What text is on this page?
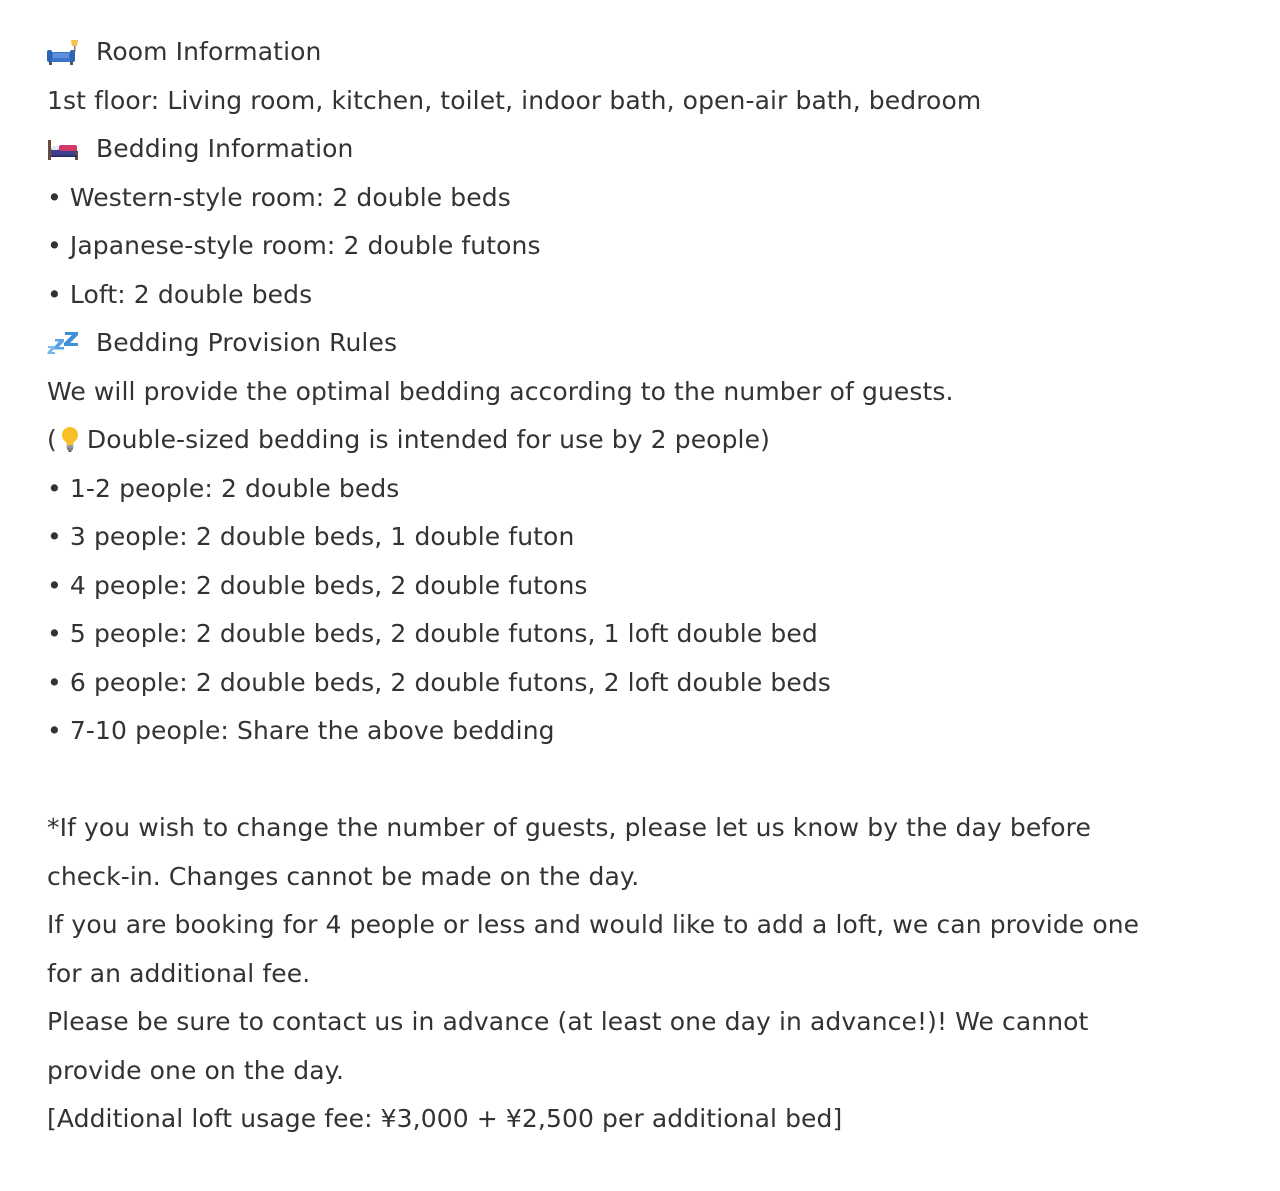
Room Information
1st floor: Living room, kitchen, toilet, indoor bath, open-air bath, bedroom
Bedding Information
• Western-style room: 2 double beds
• Japanese-style room: 2 double futons
• Loft: 2 double beds
Bedding Provision Rules
We will provide the optimal bedding according to the number of guests.
( Double-sized bedding is intended for use by 2 people)
• 1-2 people: 2 double beds
• 3 people: 2 double beds, 1 double futon
• 4 people: 2 double beds, 2 double futons
• 5 people: 2 double beds, 2 double futons, 1 loft double bed
• 6 people: 2 double beds, 2 double futons, 2 loft double beds
• 7-10 people: Share the above bedding
*If you wish to change the number of guests, please let us know by the day before
check-in. Changes cannot be made on the day.
If you are booking for 4 people or less and would like to add a loft, we can provide one
for an additional fee.
Please be sure to contact us in advance (at least one day in advance!)! We cannot
provide one on the day.
[Additional loft usage fee: ¥3,000 + ¥2,500 per additional bed]
